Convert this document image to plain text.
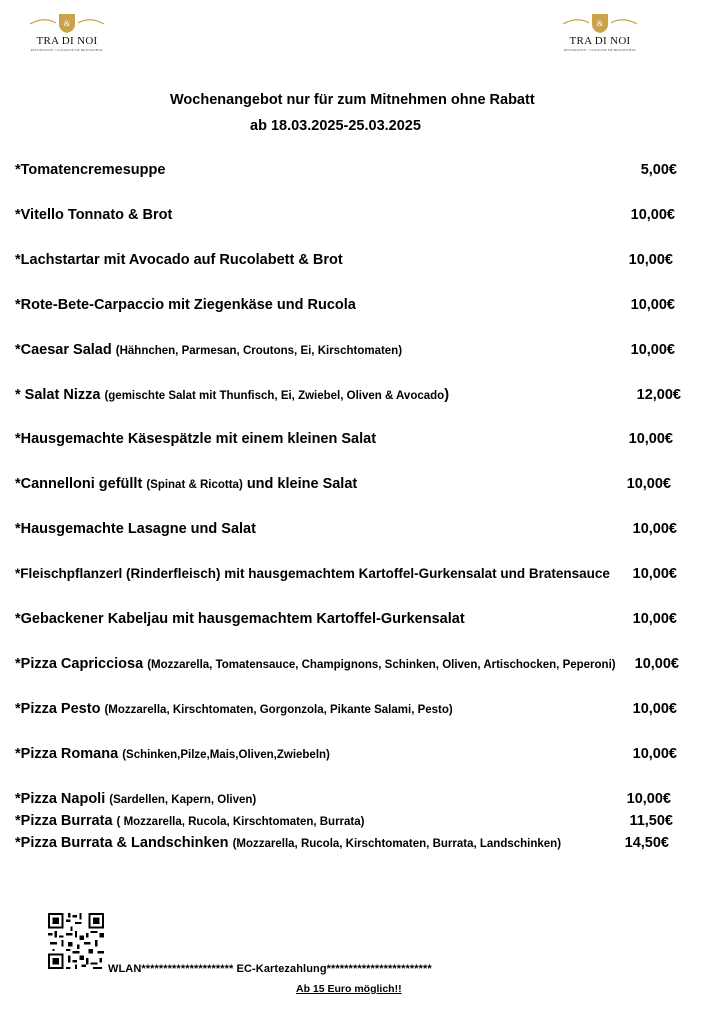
&
TRA DI NOI
RISTORANTE • COLOGNE DE BRUNNTHAL
&
TRA DI NOI
RISTORANTE • COLOGNE DE BRUNNTHAL
Wochenangebot nur für zum Mitnehmen ohne Rabatt
ab 18.03.2025-25.03.2025
*Tomatencremesuppe	5,00€
*Vitello Tonnato & Brot	10,00€
*Lachstartar mit Avocado auf Rucolabett & Brot	10,00€
*Rote-Bete-Carpaccio mit Ziegenkäse und Rucola	10,00€
*Caesar Salad (Hähnchen, Parmesan, Croutons, Ei, Kirschtomaten)	10,00€
* Salat Nizza (gemischte Salat mit Thunfisch, Ei, Zwiebel, Oliven & Avocado)	12,00€
*Hausgemachte Käsespätzle mit einem kleinen Salat	10,00€
*Cannelloni gefüllt (Spinat & Ricotta) und kleine Salat	10,00€
*Hausgemachte Lasagne und Salat	10,00€
*Fleischpflanzerl (Rinderfleisch) mit hausgemachtem Kartoffel-Gurkensalat und Bratensauce 10,00€
*Gebackener Kabeljau mit hausgemachtem Kartoffel-Gurkensalat	10,00€
*Pizza Capricciosa (Mozzarella, Tomatensauce, Champignons, Schinken, Oliven, Artischocken, Peperoni) 10,00€
*Pizza Pesto (Mozzarella, Kirschtomaten, Gorgonzola, Pikante Salami, Pesto)	10,00€
*Pizza Romana (Schinken,Pilze,Mais,Oliven,Zwiebeln)	10,00€
*Pizza Napoli (Sardellen, Kapern, Oliven)	10,00€
*Pizza Burrata ( Mozzarella, Rucola, Kirschtomaten, Burrata)	11,50€
*Pizza Burrata & Landschinken (Mozzarella, Rucola, Kirschtomaten, Burrata, Landschinken)	14,50€
WLAN********************* EC-Kartezahlung************************
Ab 15 Euro möglich!!
